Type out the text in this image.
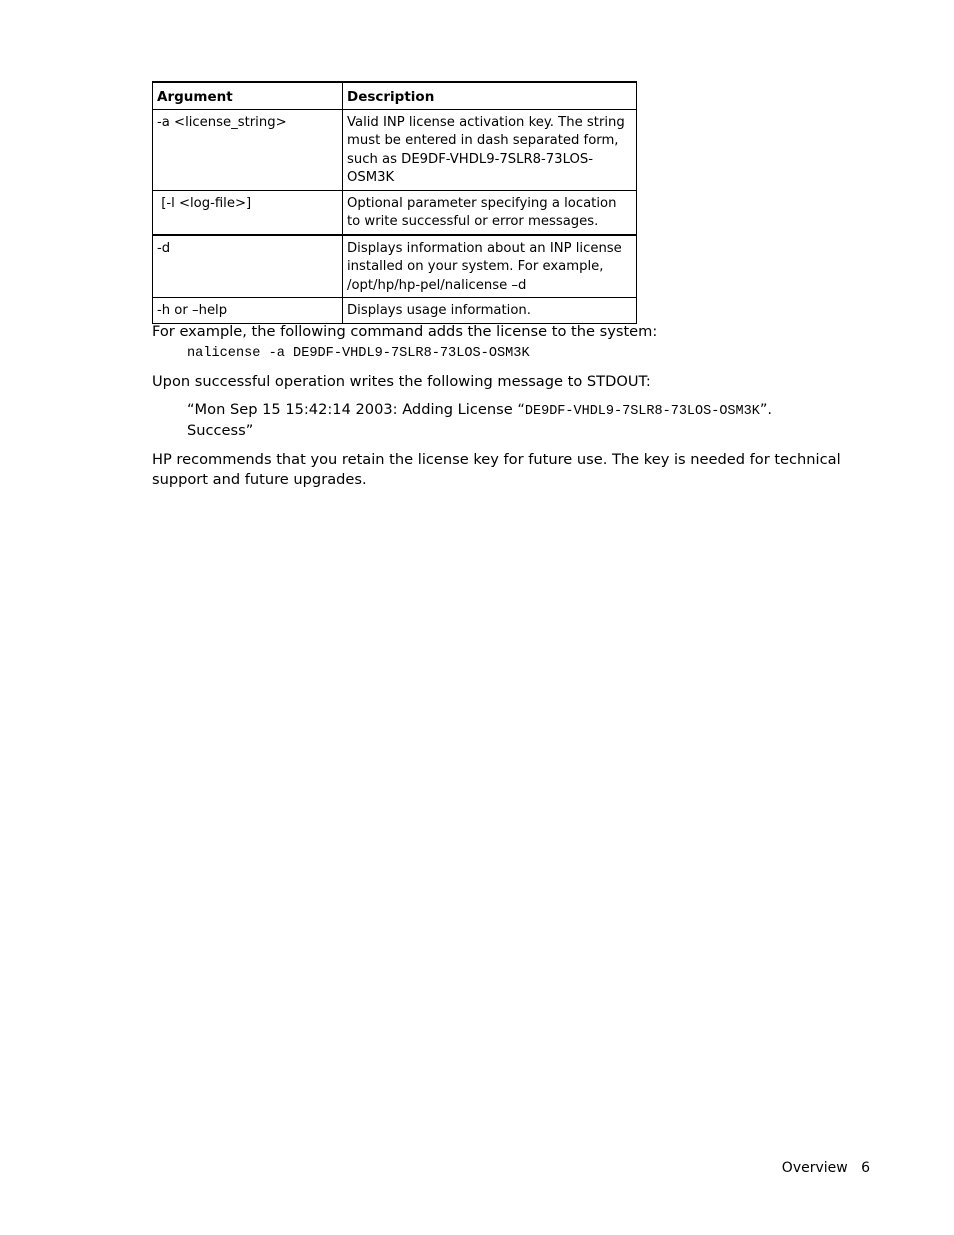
Argument	Description
-a <license_string>	Valid INP license activation key. The string must be entered in dash separated form, such as DE9DF-VHDL9-7SLR8-73LOS-OSM3K
[-l <log-file>]	Optional parameter specifying a location to write successful or error messages.
-d	Displays information about an INP license installed on your system. For example, /opt/hp/hp-pel/nalicense –d
-h or –help	Displays usage information.

For example, the following command adds the license to the system:

nalicense -a DE9DF-VHDL9-7SLR8-73LOS-OSM3K

Upon successful operation writes the following message to STDOUT:

“Mon Sep 15 15:42:14 2003: Adding License “DE9DF-VHDL9-7SLR8-73LOS-OSM3K”.

Success”

HP recommends that you retain the license key for future use. The key is needed for technical support and future upgrades.

Overview 6
